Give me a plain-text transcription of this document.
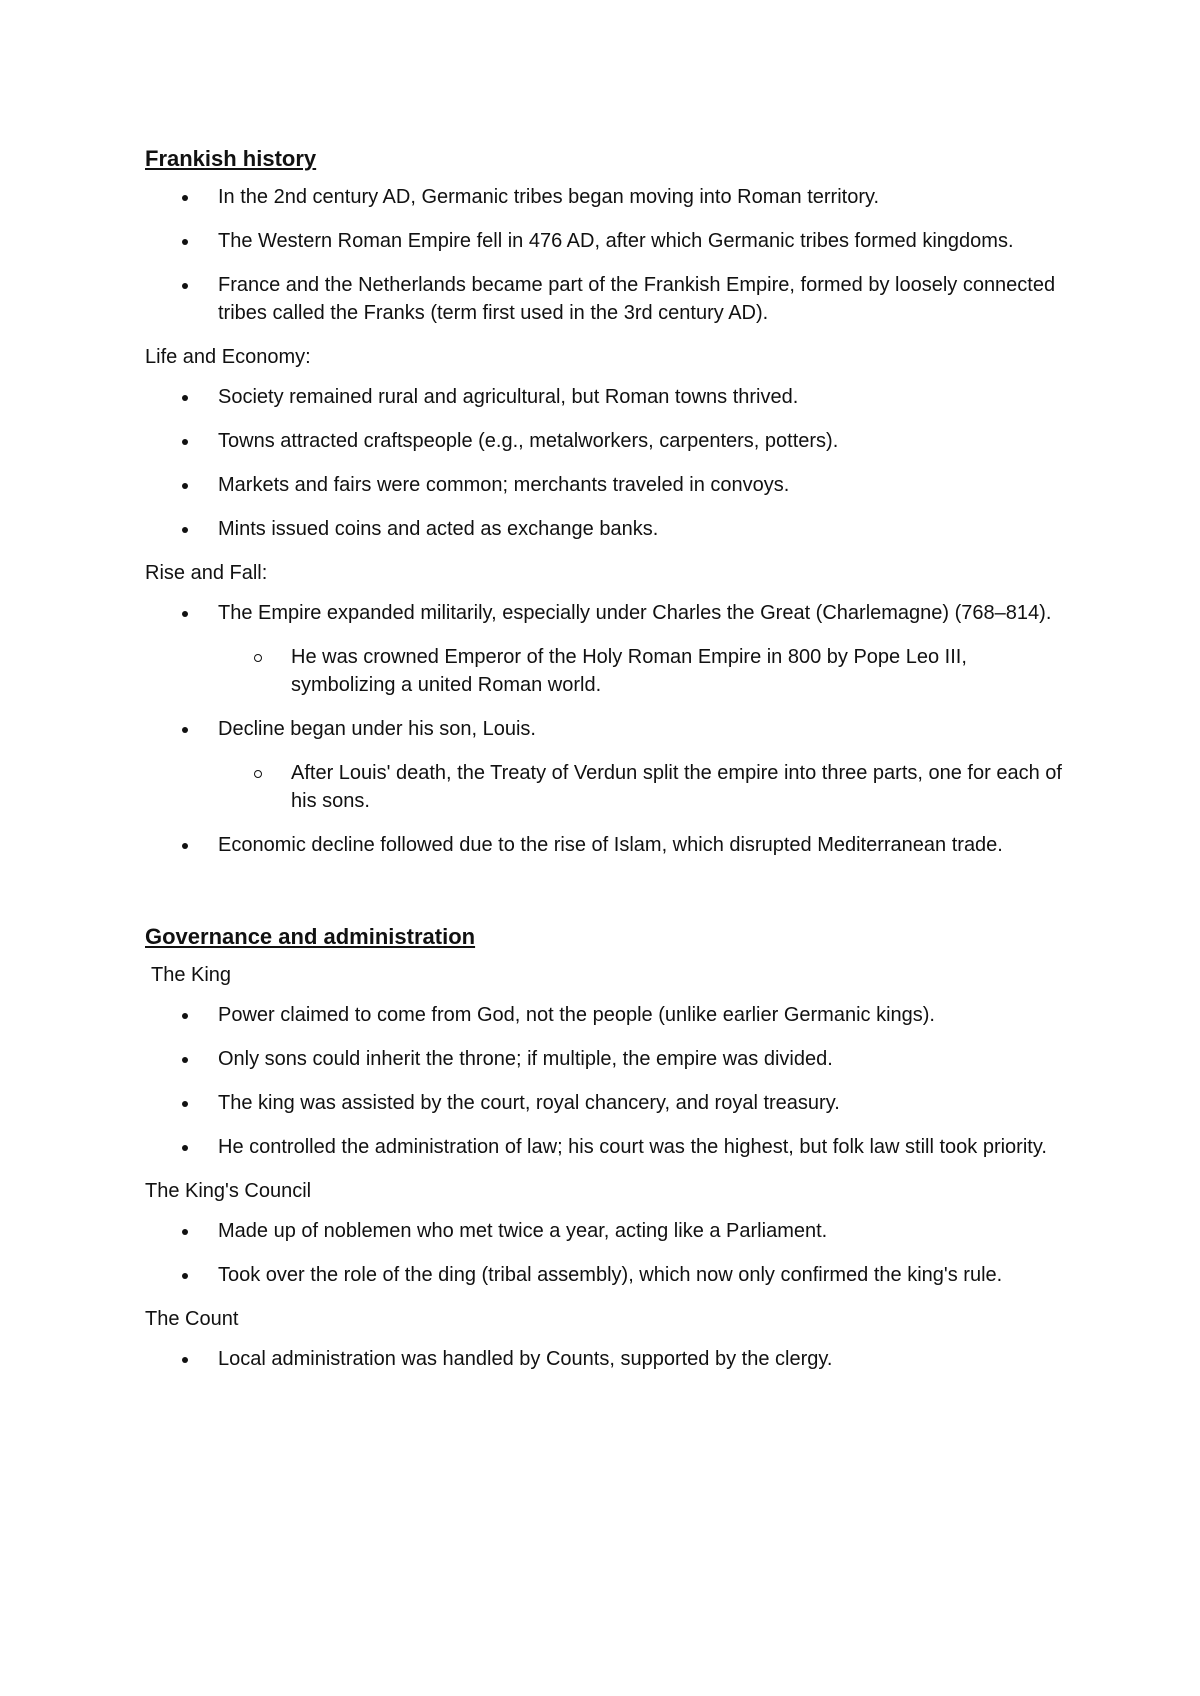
Frankish history
In the 2nd century AD, Germanic tribes began moving into Roman territory.
The Western Roman Empire fell in 476 AD, after which Germanic tribes formed kingdoms.
France and the Netherlands became part of the Frankish Empire, formed by loosely connected tribes called the Franks (term first used in the 3rd century AD).
Life and Economy:
Society remained rural and agricultural, but Roman towns thrived.
Towns attracted craftspeople (e.g., metalworkers, carpenters, potters).
Markets and fairs were common; merchants traveled in convoys.
Mints issued coins and acted as exchange banks.
Rise and Fall:
The Empire expanded militarily, especially under Charles the Great (Charlemagne) (768–814).
He was crowned Emperor of the Holy Roman Empire in 800 by Pope Leo III, symbolizing a united Roman world.
Decline began under his son, Louis.
After Louis' death, the Treaty of Verdun split the empire into three parts, one for each of his sons.
Economic decline followed due to the rise of Islam, which disrupted Mediterranean trade.
Governance and administration
The King
Power claimed to come from God, not the people (unlike earlier Germanic kings).
Only sons could inherit the throne; if multiple, the empire was divided.
The king was assisted by the court, royal chancery, and royal treasury.
He controlled the administration of law; his court was the highest, but folk law still took priority.
The King's Council
Made up of noblemen who met twice a year, acting like a Parliament.
Took over the role of the ding (tribal assembly), which now only confirmed the king's rule.
The Count
Local administration was handled by Counts, supported by the clergy.
